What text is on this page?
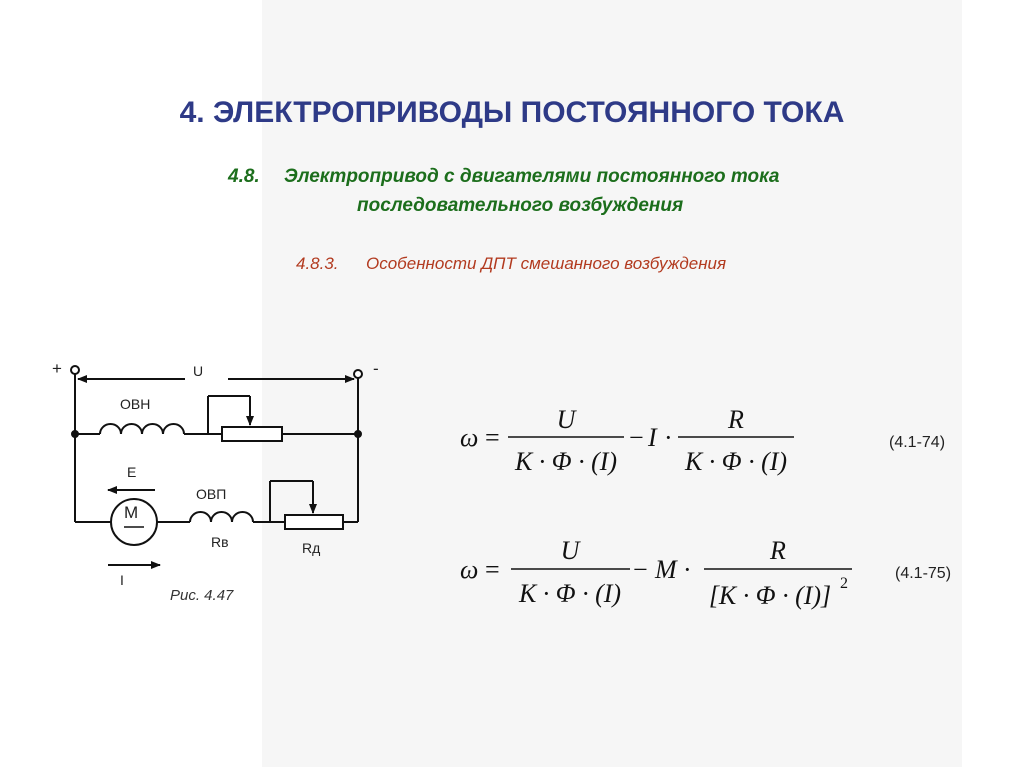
4. ЭЛЕКТРОПРИВОДЫ ПОСТОЯННОГО ТОКА
4.8. Электропривод с двигателями постоянного тока
последовательного возбуждения
4.8.3. Особенности ДПТ смешанного возбуждения
Рис. 4.47
+	-
U
ОВН
E
M
ОВП
Rв	Rд
I
ω =
U
K · Φ · (I)
− I ·
R
K · Φ · (I)
ω =
U
K · Φ · (I)
− M ·
R
[K · Φ · (I)] 2
(4.1-74)
(4.1-75)
